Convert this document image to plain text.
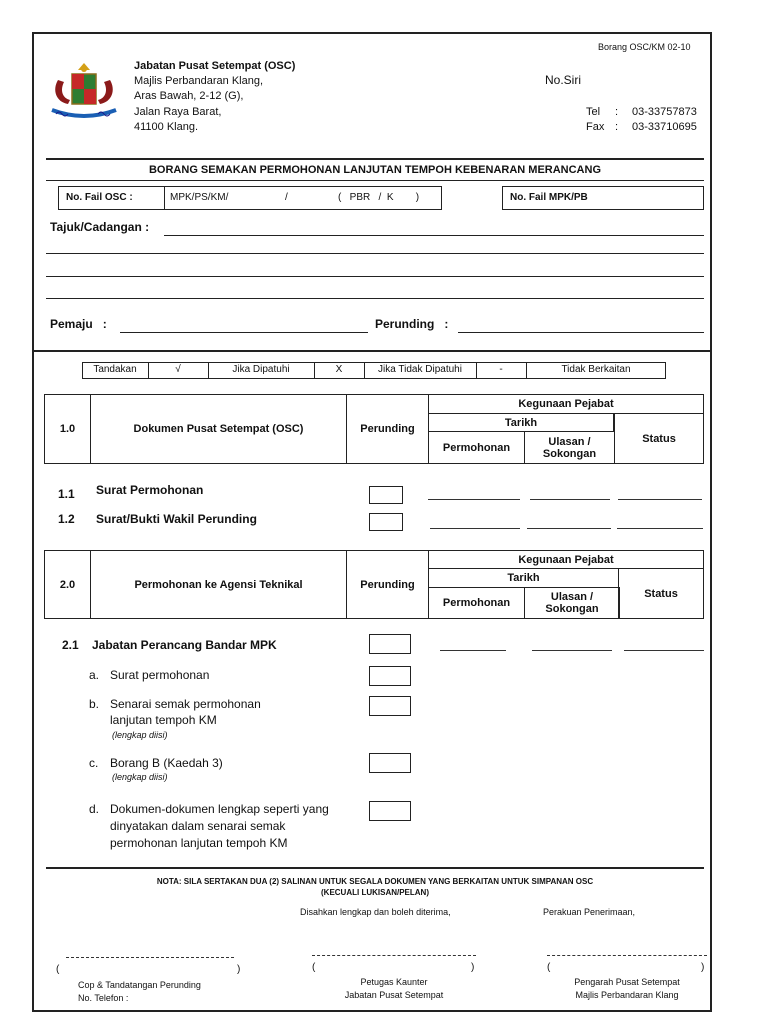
Borang OSC/KM 02-10
Jabatan Pusat Setempat (OSC)
Majlis Perbandaran Klang,
Aras Bawah, 2-12 (G),
Jalan Raya Barat,
41100 Klang.
No.Siri
Tel : 03-33757873
Fax : 03-33710695
BORANG SEMAKAN PERMOHONAN LANJUTAN TEMPOH KEBENARAN MERANCANG
No. Fail OSC :	MPK/PS/KM/	/	(   PBR   /  K        )	No. Fail MPK/PB
Tajuk/Cadangan :
Pemaju   :	Perunding   :
Tandakan	√	Jika Dipatuhi	X	Jika Tidak Dipatuhi	-	Tidak Berkaitan
1.0	Dokumen Pusat Setempat (OSC)	Perunding
Kegunaan Pejabat
Tarikh
Permohonan	Ulasan /
Sokongan
Status
1.1 Surat Permohonan
1.2 Surat/Bukti Wakil Perunding
2.0	Permohonan ke Agensi Teknikal	Perunding
Kegunaan Pejabat
Tarikh
Permohonan	Ulasan /
Sokongan
Status
2.1 Jabatan Perancang Bandar MPK
a. Surat permohonan
b. Senarai semak permohonan
lanjutan tempoh KM
(lengkap diisi)
c. Borang B (Kaedah 3)
(lengkap diisi)
d. Dokumen-dokumen lengkap seperti yang
dinyatakan dalam senarai semak
permohonan lanjutan tempoh KM
NOTA: SILA SERTAKAN DUA (2) SALINAN UNTUK SEGALA DOKUMEN YANG BERKAITAN UNTUK SIMPANAN OSC
(KECUALI LUKISAN/PELAN)
Disahkan lengkap dan boleh diterima,	Perakuan Penerimaan,
(	)
Cop & Tandatangan Perunding
No. Telefon :
(	)
Petugas Kaunter
Jabatan Pusat Setempat
(	)
Pengarah Pusat Setempat
Majlis Perbandaran Klang
